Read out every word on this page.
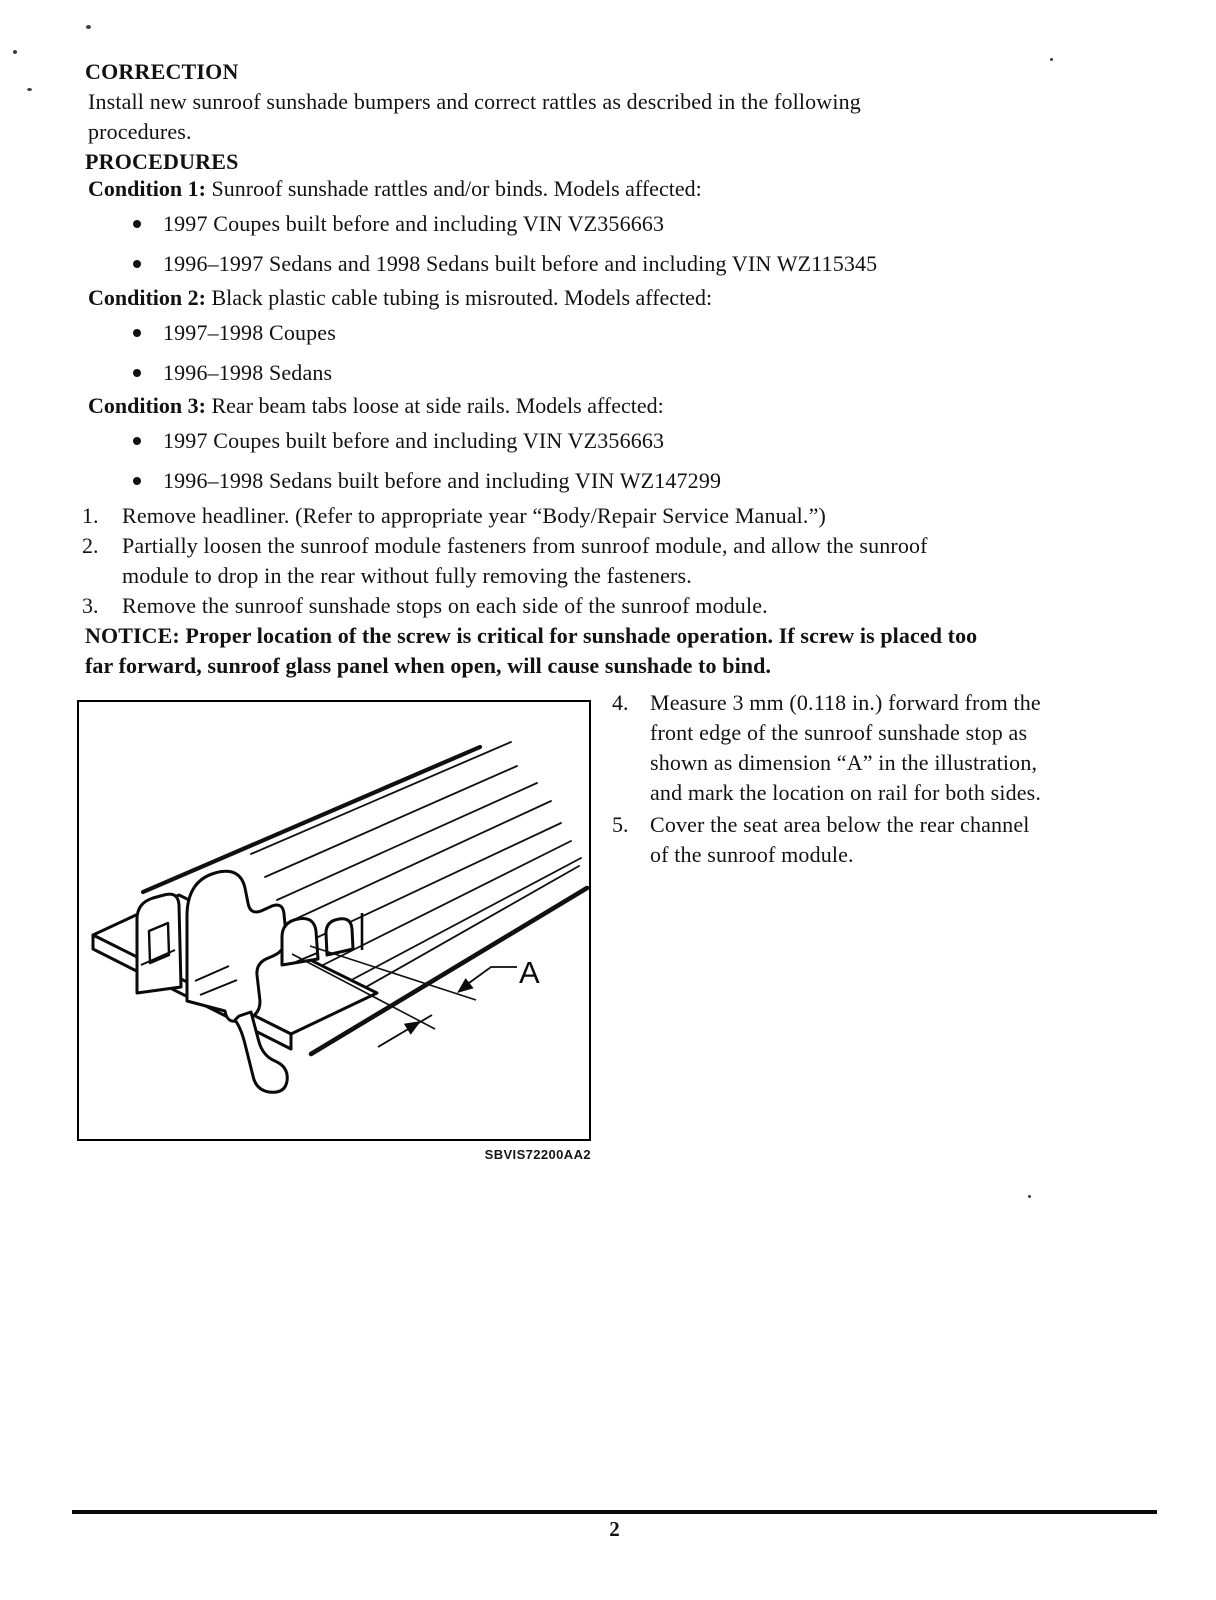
CORRECTION
Install new sunroof sunshade bumpers and correct rattles as described in the following
procedures.
PROCEDURES
Condition 1: Sunroof sunshade rattles and/or binds. Models affected:
1997 Coupes built before and including VIN VZ356663
1996–1997 Sedans and 1998 Sedans built before and including VIN WZ115345
Condition 2: Black plastic cable tubing is misrouted. Models affected:
1997–1998 Coupes
1996–1998 Sedans
Condition 3: Rear beam tabs loose at side rails. Models affected:
1997 Coupes built before and including VIN VZ356663
1996–1998 Sedans built before and including VIN WZ147299
1.	Remove headliner. (Refer to appropriate year “Body/Repair Service Manual.”)
2.	Partially loosen the sunroof module fasteners from sunroof module, and allow the sunroof
module to drop in the rear without fully removing the fasteners.
3.	Remove the sunroof sunshade stops on each side of the sunroof module.
NOTICE: Proper location of the screw is critical for sunshade operation. If screw is placed too
far forward, sunroof glass panel when open, will cause sunshade to bind.
A
SBVIS72200AA2
4. Measure 3 mm (0.118 in.) forward from the
front edge of the sunroof sunshade stop as
shown as dimension “A” in the illustration,
and mark the location on rail for both sides.
5. Cover the seat area below the rear channel
of the sunroof module.
2
